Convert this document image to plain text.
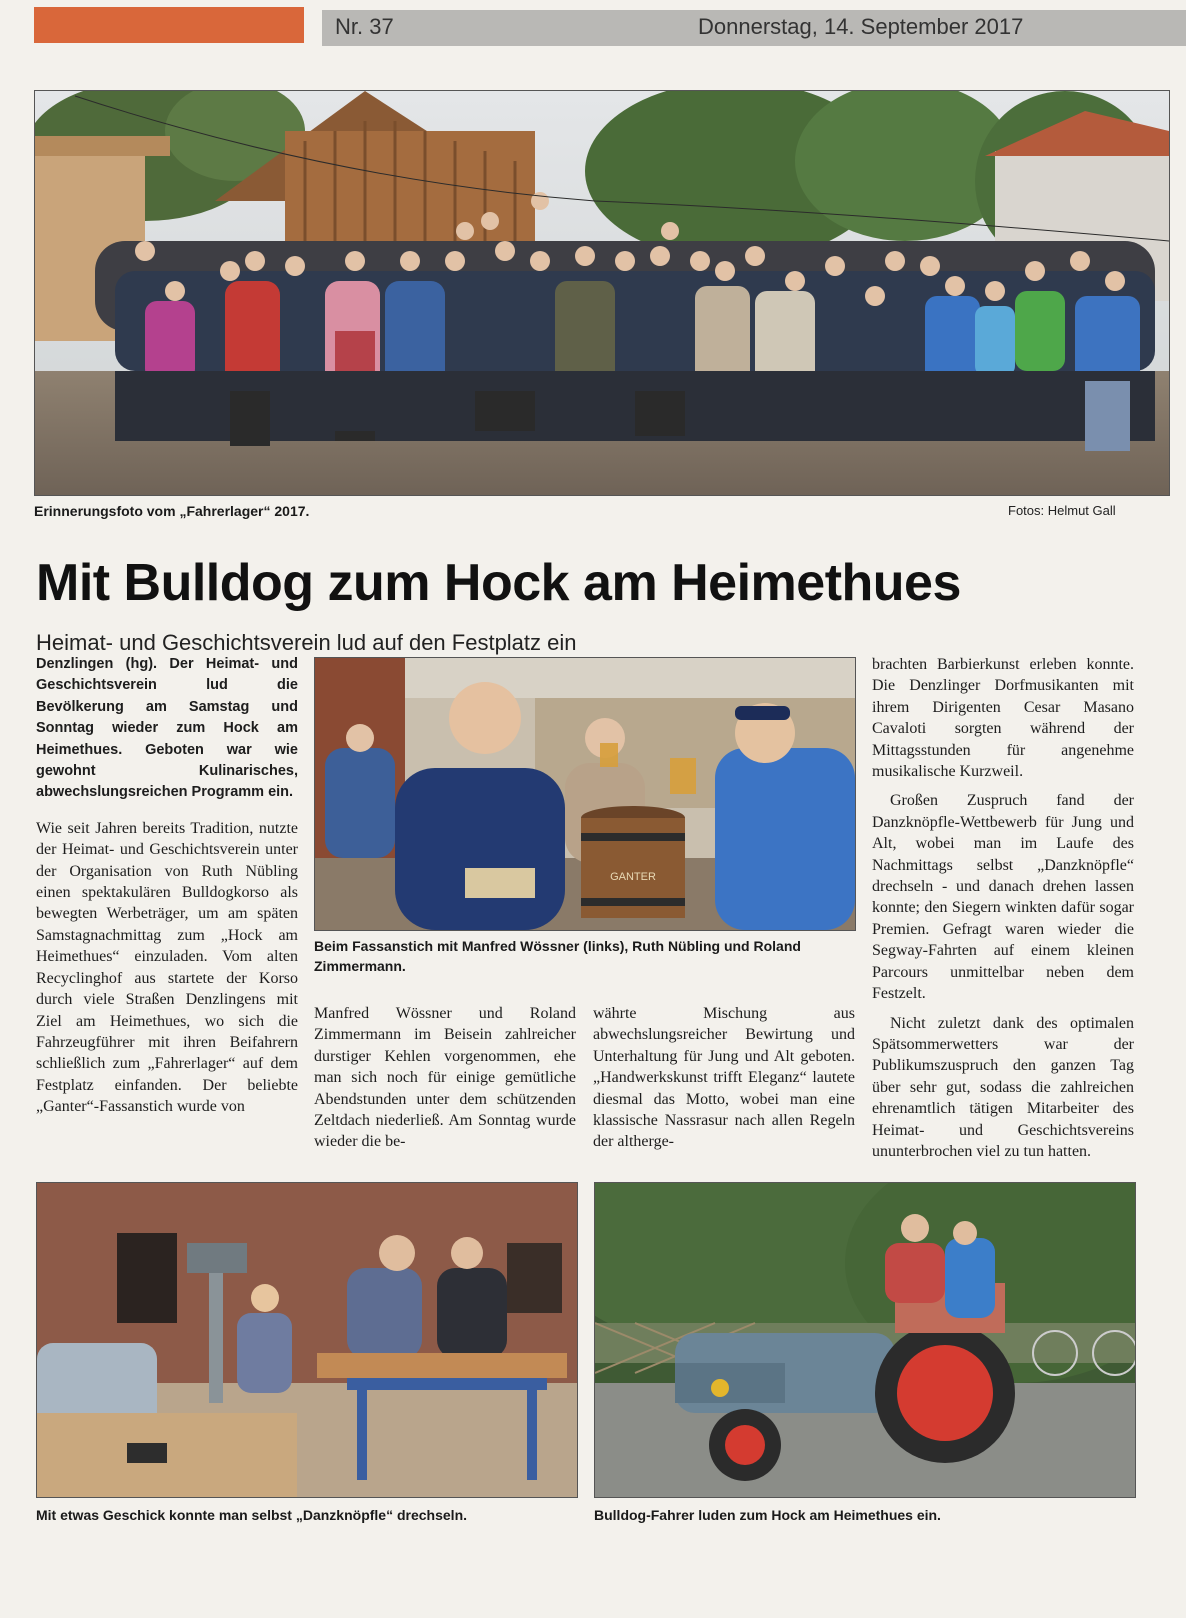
Nr. 37	Donnerstag, 14. September 2017
Erinnerungsfoto vom „Fahrerlager“ 2017.	Fotos: Helmut Gall
Mit Bulldog zum Hock am Heimethues
Heimat- und Geschichtsverein lud auf den Festplatz ein

Denzlingen (hg). Der Heimat- und Geschichtsverein lud die Bevölkerung am Samstag und Sonntag wieder zum Hock am Heimethues. Geboten war wie gewohnt Kulinarisches, abwechslungsreichen Programm ein.

Wie seit Jahren bereits Tradition, nutzte der Heimat- und Geschichtsverein unter der Organisation von Ruth Nübling einen spektakulären Bulldogkorso als bewegten Werbeträger, um am späten Samstagnachmittag zum „Hock am Heimethues“ einzuladen. Vom alten Recyclinghof aus startete der Korso durch viele Straßen Denzlingens mit Ziel am Heimethues, wo sich die Fahrzeugführer mit ihren Beifahrern schließlich zum „Fahrerlager“ auf dem Festplatz einfanden. Der beliebte „Ganter“-Fassanstich wurde von

GANTER
Beim Fassanstich mit Manfred Wössner (links), Ruth Nübling und Roland Zimmermann.

Manfred Wössner und Roland Zimmermann im Beisein zahlreicher durstiger Kehlen vorgenommen, ehe man sich noch für einige gemütliche Abendstunden unter dem schützenden Zeltdach niederließ. Am Sonntag wurde wieder die be-

währte Mischung aus abwechslungsreicher Bewirtung und Unterhaltung für Jung und Alt geboten. „Handwerkskunst trifft Eleganz“ lautete diesmal das Motto, wobei man eine klassische Nassrasur nach allen Regeln der altherge-

brachten Barbierkunst erleben konnte. Die Denzlinger Dorfmusikanten mit ihrem Dirigenten Cesar Masano Cavaloti sorgten während der Mittagsstunden für angenehme musikalische Kurzweil.

Großen Zuspruch fand der Danzknöpfle-Wettbewerb für Jung und Alt, wobei man im Laufe des Nachmittags selbst „Danzknöpfle“ drechseln - und danach drehen lassen konnte; den Siegern winkten dafür sogar Premien. Gefragt waren wieder die Segway-Fahrten auf einem kleinen Parcours unmittelbar neben dem Festzelt.

Nicht zuletzt dank des optimalen Spätsommerwetters war der Publikumszuspruch den ganzen Tag über sehr gut, sodass die zahlreichen ehrenamtlich tätigen Mitarbeiter des Heimat- und Geschichtsvereins ununterbrochen viel zu tun hatten.

Mit etwas Geschick konnte man selbst „Danzknöpfle“ drechseln.	Bulldog-Fahrer luden zum Hock am Heimethues ein.
